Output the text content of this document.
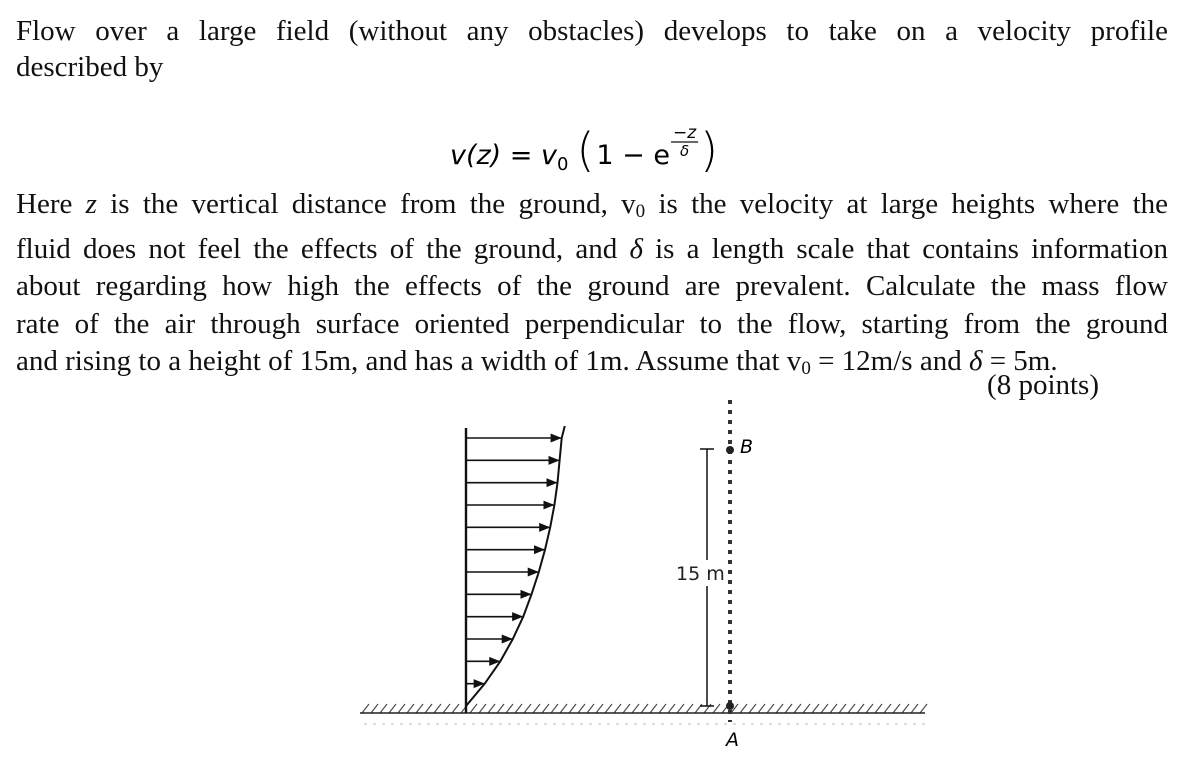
Flow over a large field (without any obstacles) develops to take on a velocity profile
described by
v(z) = v 0 ( 1 − e
−z
δ )
Here z is the vertical distance from the ground, v0 is the velocity at large heights where the
fluid does not feel the effects of the ground, and δ is a length scale that contains information
about regarding how high the effects of the ground are prevalent. Calculate the mass flow
rate of the air through surface oriented perpendicular to the flow, starting from the ground
and rising to a height of 15m, and has a width of 1m. Assume that v0 = 12m/s and δ = 5m.
(8 points)
15 m
B
A
